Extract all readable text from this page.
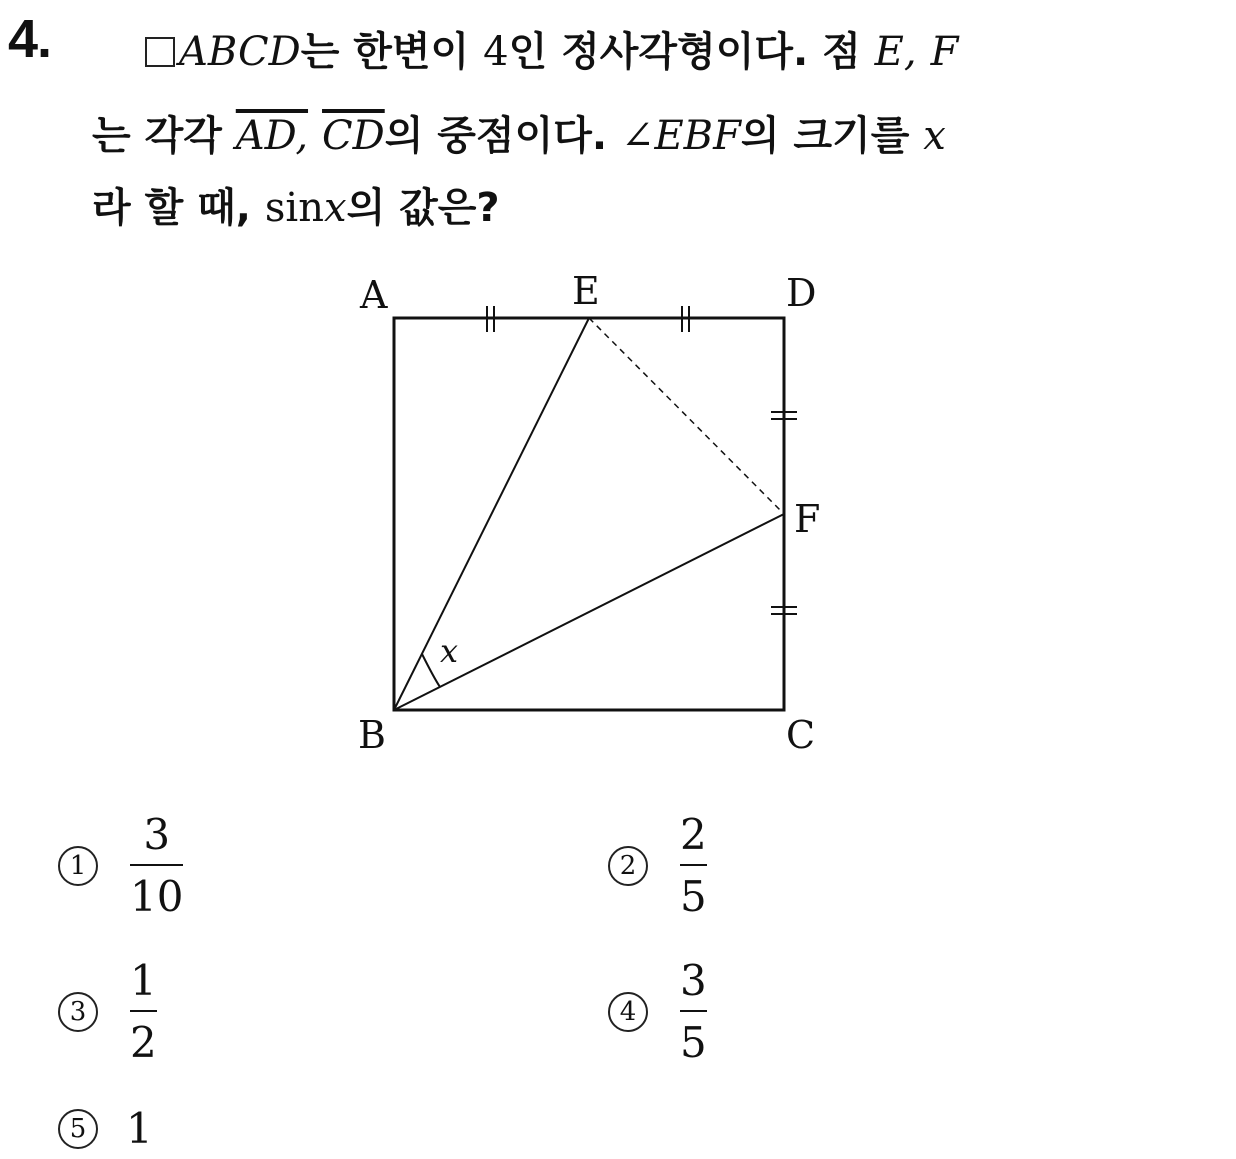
4.	ABCD는 한변이 4인 정사각형이다. 점 E, F
는 각각 AD, $\overline{CD}$의 중점이다. ∠EBF의 크기를 x
라 할 때, sinx의 값은?
A	E	D
F
B	C
x
$1 \frac{3}{10}$	$2 \frac{2}{5}$
$3 \frac{1}{2}$	$4 \frac{3}{5}$
5 1
